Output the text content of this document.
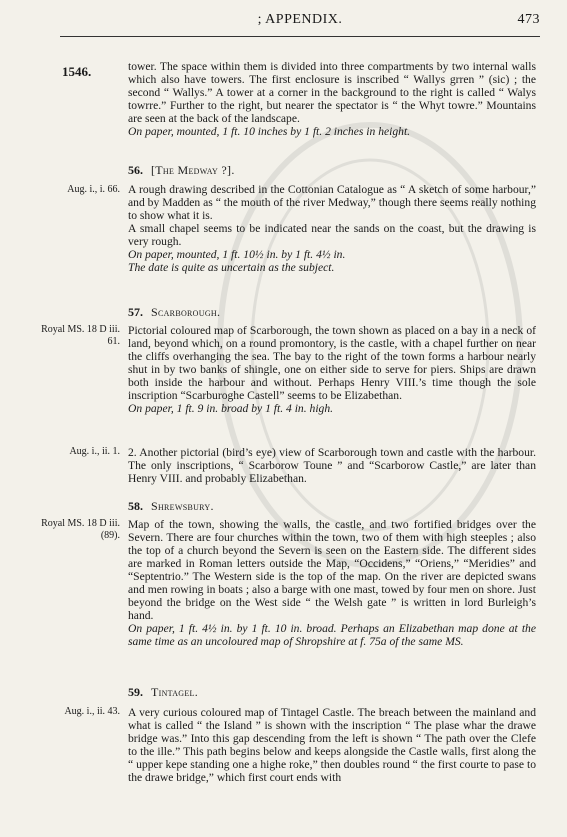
; APPENDIX.	473
1546.	tower. The space within them is divided into three compartments by two internal walls which also have towers. The first enclosure is inscribed “ Wallys grren ” (sic) ; the second “ Wallys.” A tower at a corner in the background to the right is called “ Walys towrre.” Further to the right, but nearer the spectator is “ the Whyt towre.” Mountains are seen at the back of the landscape.

On paper, mounted, 1 ft. 10 inches by 1 ft. 2 inches in height.

56. [The Medway ?].
Aug. i., i. 66. A rough drawing described in the Cottonian Catalogue as “ A sketch of some harbour,” and by Madden as “ the mouth of the river Medway,” though there seems really nothing to show what it is.

A small chapel seems to be indicated near the sands on the coast, but the drawing is very rough.

On paper, mounted, 1 ft. 10½ in. by 1 ft. 4½ in.

The date is quite as uncertain as the subject.

57. Scarborough.
Royal MS. 18 D iii. 61.

Pictorial coloured map of Scarborough, the town shown as placed on a bay in a neck of land, beyond which, on a round promontory, is the castle, with a chapel further on near the cliffs overhanging the sea. The bay to the right of the town forms a harbour nearly shut in by two banks of shingle, one on either side to serve for piers. Ships are drawn both inside the harbour and without. Perhaps Henry VIII.’s time though the sole inscription “Scarburoghe Castell” seems to be Elizabethan.

On paper, 1 ft. 9 in. broad by 1 ft. 4 in. high.

Aug. i., ii. 1. 2. Another pictorial (bird’s eye) view of Scarborough town and castle with the harbour. The only inscriptions, “ Scarborow Toune ” and “Scarborow Castle,” are later than Henry VIII. and probably Elizabethan.

58. Shrewsbury.
Royal MS. 18 D iii. (89).

Map of the town, showing the walls, the castle, and two fortified bridges over the Severn. There are four churches within the town, two of them with high steeples ; also the top of a church beyond the Severn is seen on the Eastern side. The different sides are marked in Roman letters outside the Map, “Occidens,” “Oriens,” “Meridies” and “Septentrio.” The Western side is the top of the map. On the river are depicted swans and men rowing in boats ; also a barge with one mast, towed by four men on shore. Just beyond the bridge on the West side “ the Welsh gate ” is written in lord Burleigh’s hand.

On paper, 1 ft. 4½ in. by 1 ft. 10 in. broad. Perhaps an Elizabethan map done at the same time as an uncoloured map of Shropshire at f. 75a of the same MS.

59. Tintagel.
Aug. i., ii. 43. A very curious coloured map of Tintagel Castle. The breach between the mainland and what is called “ the Island ” is shown with the inscription “ The plase whar the drawe bridge was.” Into this gap descending from the left is shown “ The path over the Clefe to the ille.” This path begins below and keeps alongside the Castle walls, first along the “ upper kepe standing one a highe roke,” then doubles round “ the first courte to pase to the drawe bridge,” which first court ends with
